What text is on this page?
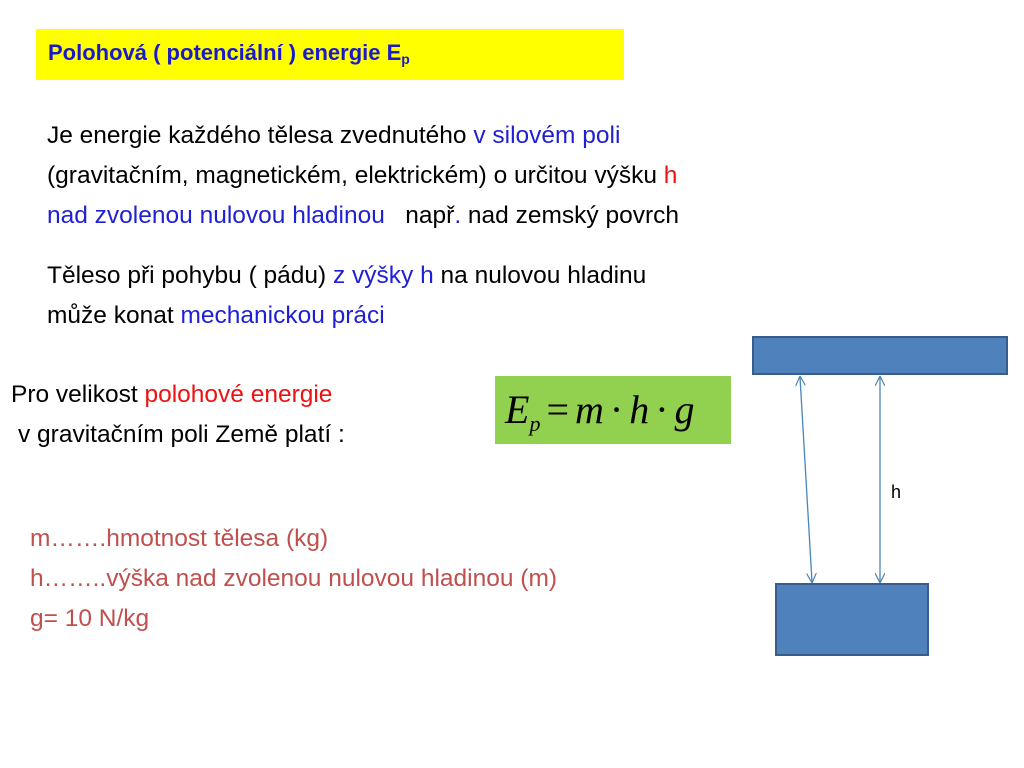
Polohová ( potenciální ) energie $E_p$
Je energie každého tělesa zvednutého v silovém poli
(gravitačním, magnetickém, elektrickém) o určitou výšku h
nad zvolenou nulovou hladinou   např. nad zemský povrch
Těleso při pohybu ( pádu) z výšky h na nulovou hladinu
může konat mechanickou práci
Pro velikost polohové energie
v gravitačním poli Země platí :
$E_p = m \cdot h \cdot g$
m…….hmotnost tělesa (kg)
h……..výška nad zvolenou nulovou hladinou (m)
g= 10 N/kg
h
